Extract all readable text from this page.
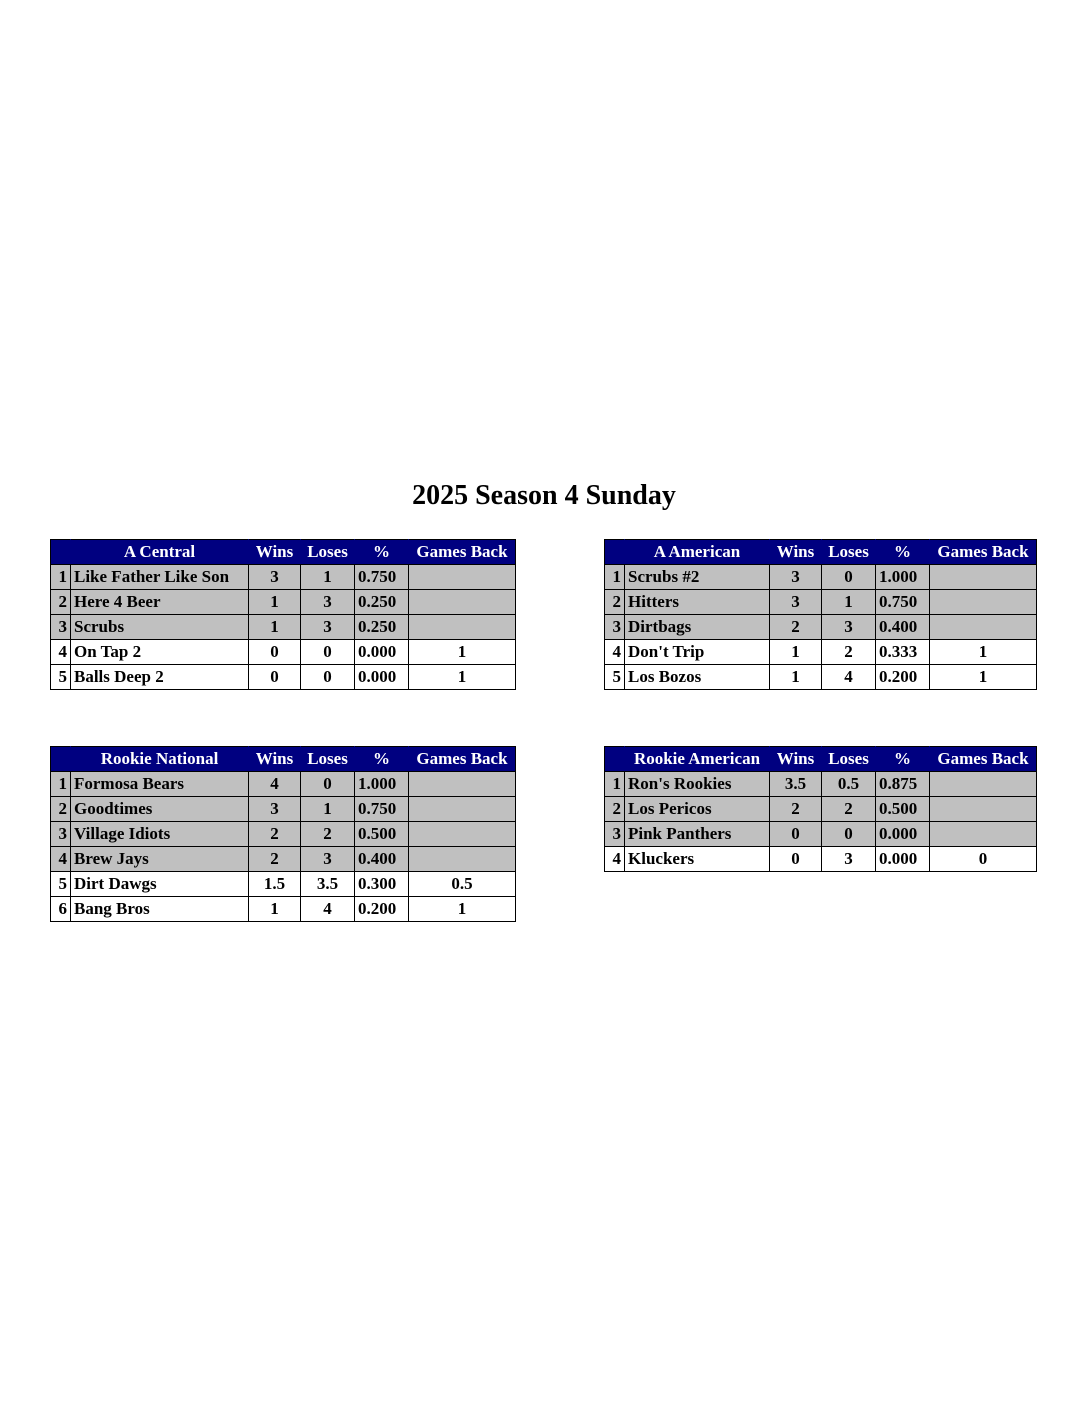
2025 Season 4 Sunday
	A Central	Wins	Loses	%	Games Back
1	Like Father Like Son	3	1	0.750	
2	Here 4 Beer	1	3	0.250	
3	Scrubs	1	3	0.250	
4	On Tap 2	0	0	0.000	1
5	Balls Deep 2	0	0	0.000	1
	A American	Wins	Loses	%	Games Back
1	Scrubs #2	3	0	1.000	
2	Hitters	3	1	0.750	
3	Dirtbags	2	3	0.400	
4	Don't Trip	1	2	0.333	1
5	Los Bozos	1	4	0.200	1
	Rookie National	Wins	Loses	%	Games Back
1	Formosa Bears	4	0	1.000	
2	Goodtimes	3	1	0.750	
3	Village Idiots	2	2	0.500	
4	Brew Jays	2	3	0.400	
5	Dirt Dawgs	1.5	3.5	0.300	0.5
6	Bang Bros	1	4	0.200	1
	Rookie American	Wins	Loses	%	Games Back
1	Ron's Rookies	3.5	0.5	0.875	
2	Los Pericos	2	2	0.500	
3	Pink Panthers	0	0	0.000	
4	Kluckers	0	3	0.000	0
